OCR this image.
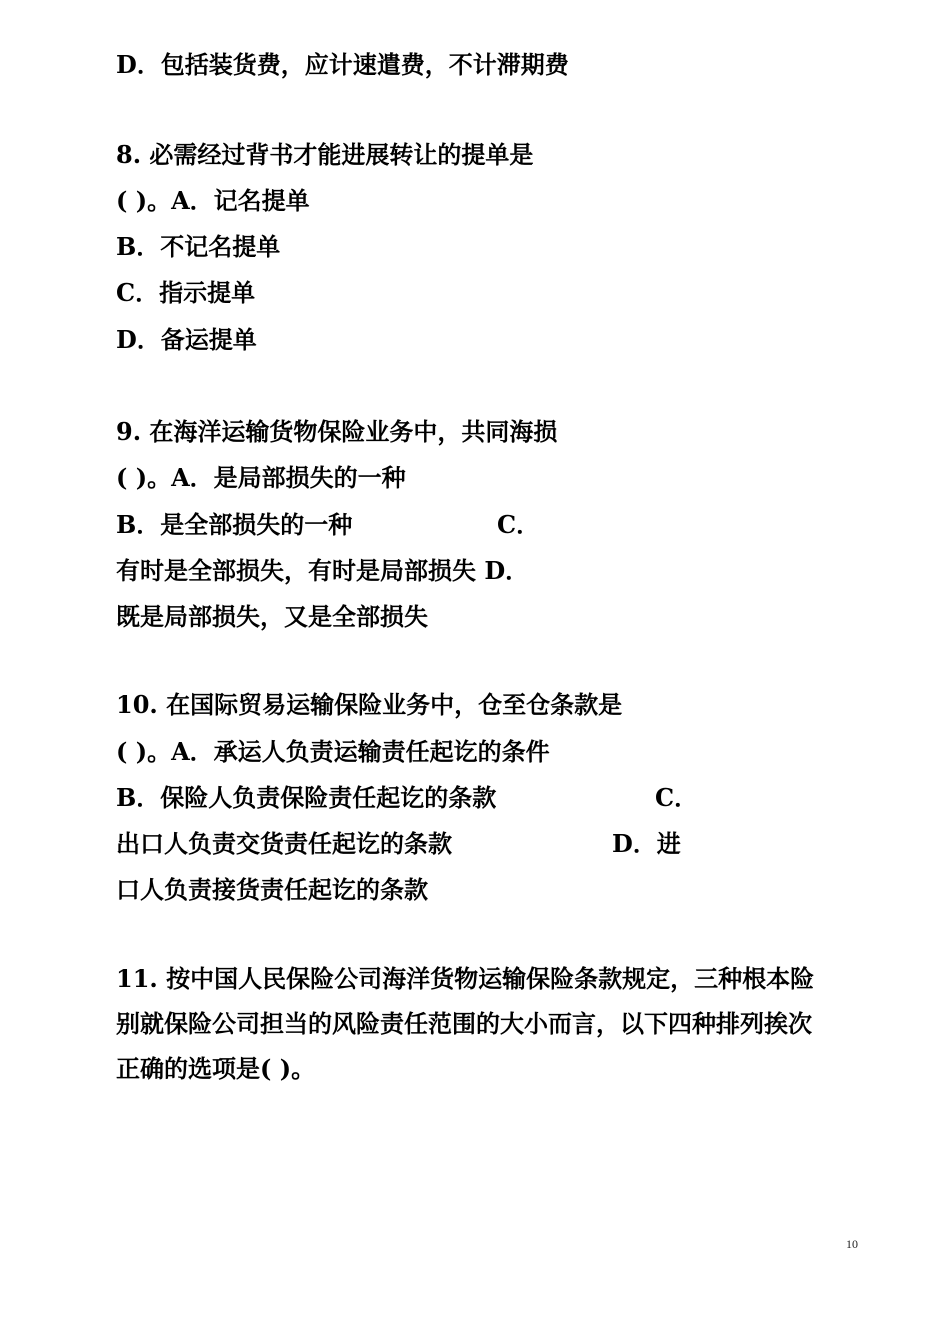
D．包括装货费，应计速遣费，不计滞期费
8. 必需经过背书才能进展转让的提单是
( )。A．记名提单
B．不记名提单
C．指示提单
D．备运提单
9. 在海洋运输货物保险业务中，共同海损
( )。A．是局部损失的一种
B．是全部损失的一种	C．
有时是全部损失，有时是局部损失 D．
既是局部损失，又是全部损失
10. 在国际贸易运输保险业务中，仓至仓条款是
( )。A．承运人负责运输责任起讫的条件
B．保险人负责保险责任起讫的条款	C．
出口人负责交货责任起讫的条款	D．进
口人负责接货责任起讫的条款
11. 按中国人民保险公司海洋货物运输保险条款规定，三种根本险
别就保险公司担当的风险责任范围的大小而言，以下四种排列挨次
正确的选项是( )。
10
